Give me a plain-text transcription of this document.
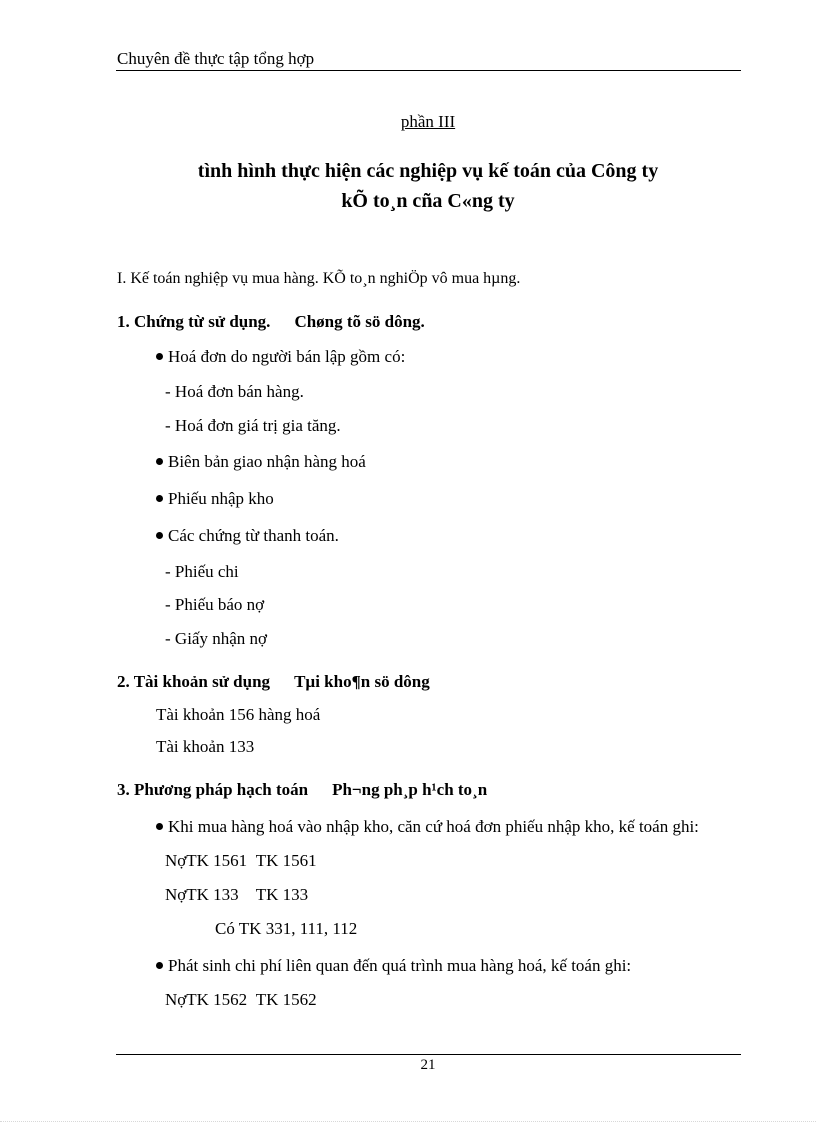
Chuyên đề thực tập tổng hợp
phần III
tình hình thực hiện các nghiệp vụ kế toán của Công ty
kÕ to¸n cña C«ng ty
I. Kế toán nghiệp vụ mua hàng. KÕ to¸n nghiÖp vô mua hµng.
1. Chứng từ sử dụng. Chøng tõ sö dông.
Hoá đơn do người bán lập gồm có:
- Hoá đơn bán hàng.
- Hoá đơn giá trị gia tăng.
Biên bản giao nhận hàng hoá
Phiếu nhập kho
Các chứng từ thanh toán.
- Phiếu chi
- Phiếu báo nợ
- Giấy nhận nợ
2. Tài khoản sử dụng Tµi kho¶n sö dông
Tài khoản 156 hàng hoá
Tài khoản 133
3. Phương pháp hạch toán Ph¬ng ph¸p h¹ch to¸n
Khi mua hàng hoá vào nhập kho, căn cứ hoá đơn phiếu nhập kho, kế toán ghi:
NợTK 1561 TK 1561
NợTK 133 TK 133
Có TK 331, 111, 112
Phát sinh chi phí liên quan đến quá trình mua hàng hoá, kế toán ghi:
NợTK 1562 TK 1562
21
